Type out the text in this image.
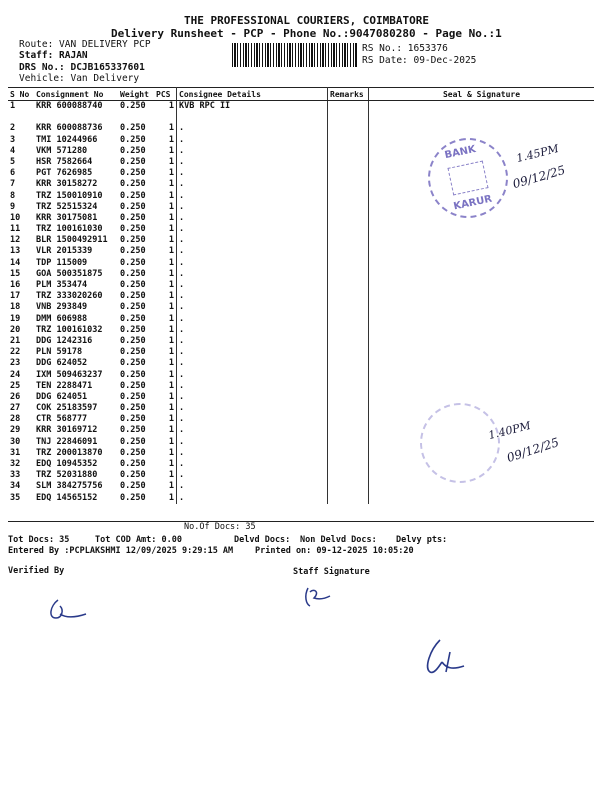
THE PROFESSIONAL COURIERS, COIMBATORE
Delivery Runsheet - PCP - Phone No.:9047080280 - Page No.:1
Route: VAN DELIVERY PCP
Staff: RAJAN
DRS No.: DCJB165337601
Vehicle: Van Delivery
RS No.: 1653376
RS Date: 09-Dec-2025
S No	Consignment No	Weight	PCS	Consignee Details	Remarks	Seal & Signature
1	KRR 600088740	0.250	1	KVB RPC II		

2	KRR 600088736	0.250	1	.		
3	TMI 10244966	0.250	1	.		
4	VKM 571280	0.250	1	.		
5	HSR 7582664	0.250	1	.		
6	PGT 7626985	0.250	1	.		
7	KRR 30158272	0.250	1	.		
8	TRZ 150010910	0.250	1	.		
9	TRZ 52515324	0.250	1	.		
10	KRR 30175081	0.250	1	.		
11	TRZ 100161030	0.250	1	.		
12	BLR 1500492911	0.250	1	.		
13	VLR 2015339	0.250	1	.		
14	TDP 115009	0.250	1	.		
15	GOA 500351875	0.250	1	.		
16	PLM 353474	0.250	1	.		
17	TRZ 333020260	0.250	1	.		
18	VNB 293849	0.250	1	.		
19	DMM 606988	0.250	1	.		
20	TRZ 100161032	0.250	1	.		
21	DDG 1242316	0.250	1	.		
22	PLN 59178	0.250	1	.		
23	DDG 624052	0.250	1	.		
24	IXM 509463237	0.250	1	.		
25	TEN 2288471	0.250	1	.		
26	DDG 624051	0.250	1	.		
27	COK 25183597	0.250	1	.		
28	CTR 568777	0.250	1	.		
29	KRR 30169712	0.250	1	.		
30	TNJ 22846091	0.250	1	.		
31	TRZ 200013870	0.250	1	.		
32	EDQ 10945352	0.250	1	.		
33	TRZ 52031880	0.250	1	.		
34	SLM 384275756	0.250	1	.		
35	EDQ 14565152	0.250	1	.		
No.Of Docs: 35
BANK
KARUR
1.45PM
09/12/25
1.40PM
09/12/25
Tot Docs: 35	Tot COD Amt: 0.00	Delvd Docs: Non Delvd Docs: Delvy pts:
Entered By :PCPLAKSHMI 12/09/2025 9:29:15 AM	Printed on: 09-12-2025 10:05:20
Verified By	Staff Signature
